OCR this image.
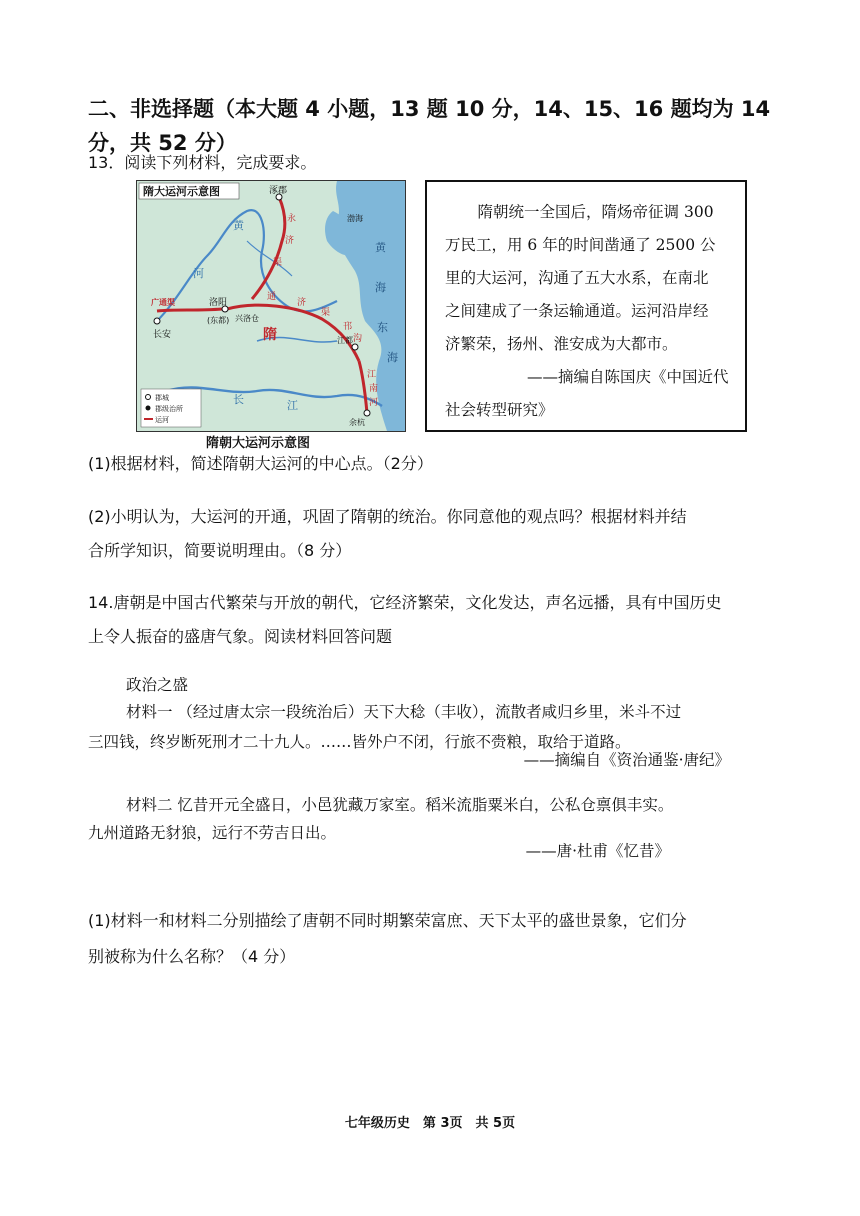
二、非选择题（本大题 4 小题，13 题 10 分，14、15、16 题均为 14 分，共 52 分）
13．阅读下列材料，完成要求。
隋大运河示意图	涿郡
渤海
洛阳
(东都) 兴洛仓
长安
广通渠
隋	江都
余杭
黄
河
长	江
黄
海
东
海
永
济
渠
通
济
渠
邗
沟
江
南
河
郡城
郡级治所
运河
隋朝大运河示意图
隋朝统一全国后，隋炀帝征调 300
万民工，用 6 年的时间凿通了 2500 公
里的大运河，沟通了五大水系，在南北
之间建成了一条运输通道。运河沿岸经
济繁荣，扬州、淮安成为大都市。
——摘编自陈国庆《中国近代
社会转型研究》
(1)根据材料，简述隋朝大运河的中心点。（2分）
(2)小明认为，大运河的开通，巩固了隋朝的统治。你同意他的观点吗？根据材料并结
合所学知识，简要说明理由。（8 分）
14.唐朝是中国古代繁荣与开放的朝代，它经济繁荣，文化发达，声名远播，具有中国历史
上令人振奋的盛唐气象。阅读材料回答问题
政治之盛
材料一 （经过唐太宗一段统治后）天下大稔（丰收），流散者咸归乡里，米斗不过
三四钱，终岁断死刑才二十九人。……皆外户不闭，行旅不赍粮，取给于道路。
——摘编自《资治通鉴·唐纪》
材料二 忆昔开元全盛日，小邑犹藏万家室。稻米流脂粟米白，公私仓禀俱丰实。
九州道路无豺狼，远行不劳吉日出。
——唐·杜甫《忆昔》
(1)材料一和材料二分别描绘了唐朝不同时期繁荣富庶、天下太平的盛世景象，它们分
别被称为什么名称？（4 分）
七年级历史　第 3页　共 5页
